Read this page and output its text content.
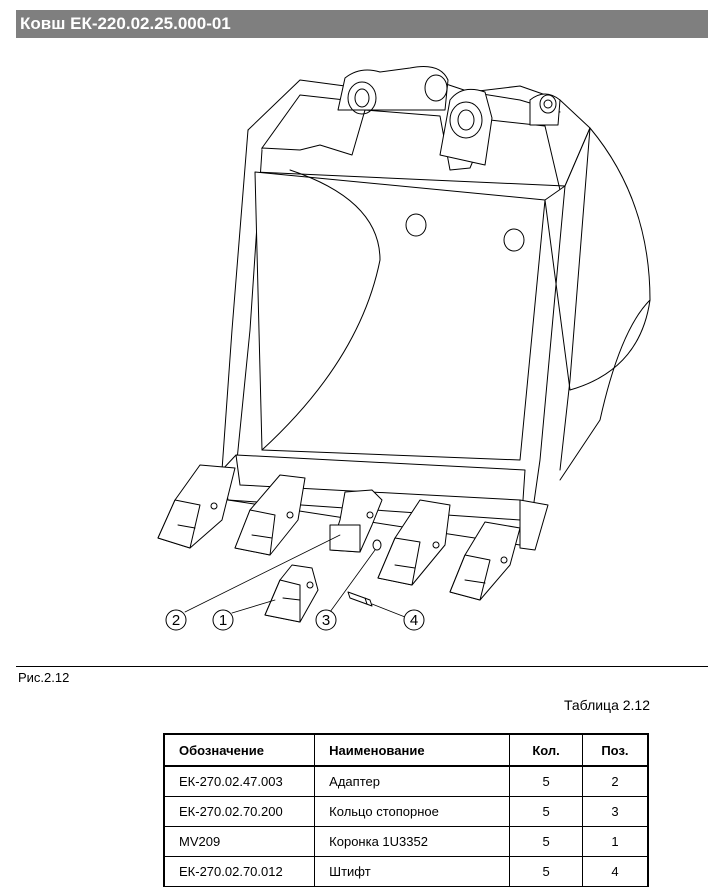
Ковш ЕК-220.02.25.000-01
2	1	3	4
Рис.2.12
Таблица 2.12
Обозначение	Наименование	Кол.	Поз.
ЕК-270.02.47.003	Адаптер	5	2
ЕК-270.02.70.200	Кольцо стопорное	5	3
MV209	Коронка 1U3352	5	1
ЕК-270.02.70.012	Штифт	5	4
